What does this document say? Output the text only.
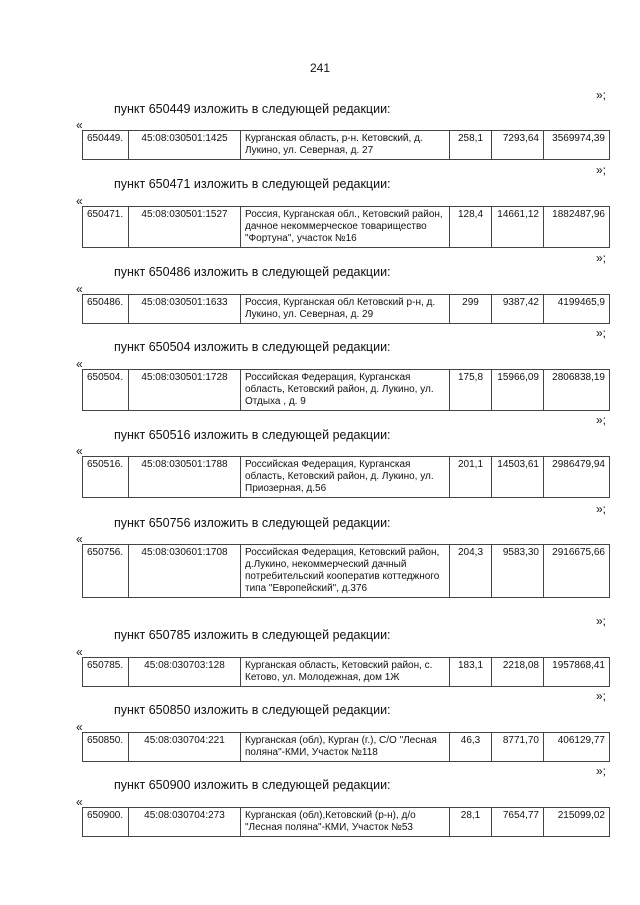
241
»;
пункт 650449 изложить в следующей редакции:
«
650449.	45:08:030501:1425	Курганская область, р-н. Кетовский, д. Лукино, ул. Северная, д. 27	258,1	7293,64	3569974,39
»;
пункт 650471 изложить в следующей редакции:
«
650471.	45:08:030501:1527	Россия, Курганская обл., Кетовский район, дачное некоммерческое товарищество "Фортуна", участок №16	128,4	14661,12	1882487,96
»;
пункт 650486 изложить в следующей редакции:
«
650486.	45:08:030501:1633	Россия, Курганская обл Кетовский р-н, д. Лукино, ул. Северная, д. 29	299	9387,42	4199465,9
»;
пункт 650504 изложить в следующей редакции:
«
650504.	45:08:030501:1728	Российская Федерация, Курганская область, Кетовский район, д. Лукино, ул. Отдыха , д. 9	175,8	15966,09	2806838,19
»;
пункт 650516 изложить в следующей редакции:
«
650516.	45:08:030501:1788	Российская Федерация, Курганская область, Кетовский район, д. Лукино, ул. Приозерная, д.56	201,1	14503,61	2986479,94
»;
пункт 650756 изложить в следующей редакции:
«
650756.	45:08:030601:1708	Российская Федерация, Кетовский район, д.Лукино, некоммерческий дачный потребительский кооператив коттеджного типа "Европейский", д.376	204,3	9583,30	2916675,66
»;
пункт 650785 изложить в следующей редакции:
«
650785.	45:08:030703:128	Курганская область, Кетовский район, с. Кетово, ул. Молодежная, дом 1Ж	183,1	2218,08	1957868,41
»;
пункт 650850 изложить в следующей редакции:
«
650850.	45:08:030704:221	Курганская (обл), Курган (г.), С/О "Лесная поляна"-КМИ, Участок №118	46,3	8771,70	406129,77
»;
пункт 650900 изложить в следующей редакции:
«
650900.	45:08:030704:273	Курганская (обл),Кетовский (р-н), д/о "Лесная поляна"-КМИ, Участок №53	28,1	7654,77	215099,02
